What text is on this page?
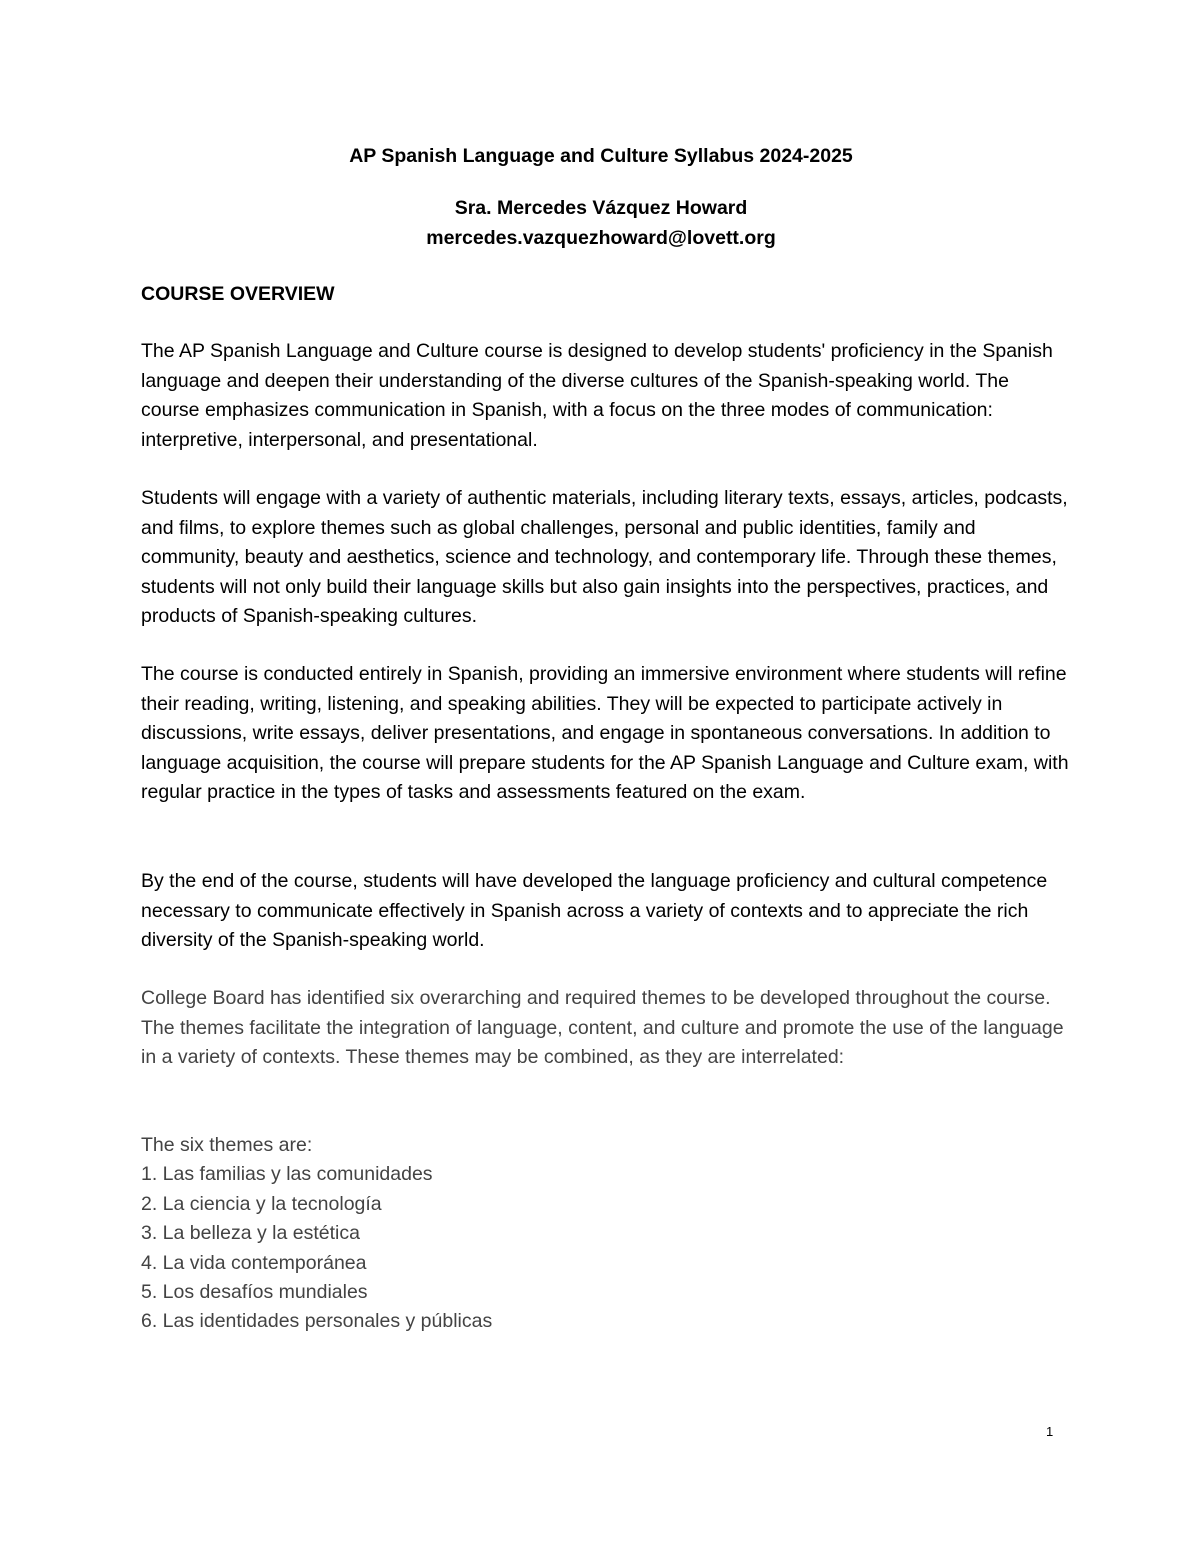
AP Spanish Language and Culture Syllabus 2024-2025
Sra. Mercedes Vázquez Howard
mercedes.vazquezhoward@lovett.org
COURSE OVERVIEW

The AP Spanish Language and Culture course is designed to develop students' proficiency in the Spanish language and deepen their understanding of the diverse cultures of the Spanish-speaking world. The course emphasizes communication in Spanish, with a focus on the three modes of communication: interpretive, interpersonal, and presentational.

Students will engage with a variety of authentic materials, including literary texts, essays, articles, podcasts, and films, to explore themes such as global challenges, personal and public identities, family and community, beauty and aesthetics, science and technology, and contemporary life. Through these themes, students will not only build their language skills but also gain insights into the perspectives, practices, and products of Spanish-speaking cultures.

The course is conducted entirely in Spanish, providing an immersive environment where students will refine their reading, writing, listening, and speaking abilities. They will be expected to participate actively in discussions, write essays, deliver presentations, and engage in spontaneous conversations. In addition to language acquisition, the course will prepare students for the AP Spanish Language and Culture exam, with regular practice in the types of tasks and assessments featured on the exam.

By the end of the course, students will have developed the language proficiency and cultural competence necessary to communicate effectively in Spanish across a variety of contexts and to appreciate the rich diversity of the Spanish-speaking world.

College Board has identified six overarching and required themes to be developed throughout the course. The themes facilitate the integration of language, content, and culture and promote the use of the language in a variety of contexts. These themes may be combined, as they are interrelated:

The six themes are:
1. Las familias y las comunidades
2. La ciencia y la tecnología
3. La belleza y la estética
4. La vida contemporánea
5. Los desafíos mundiales
6. Las identidades personales y públicas
1
